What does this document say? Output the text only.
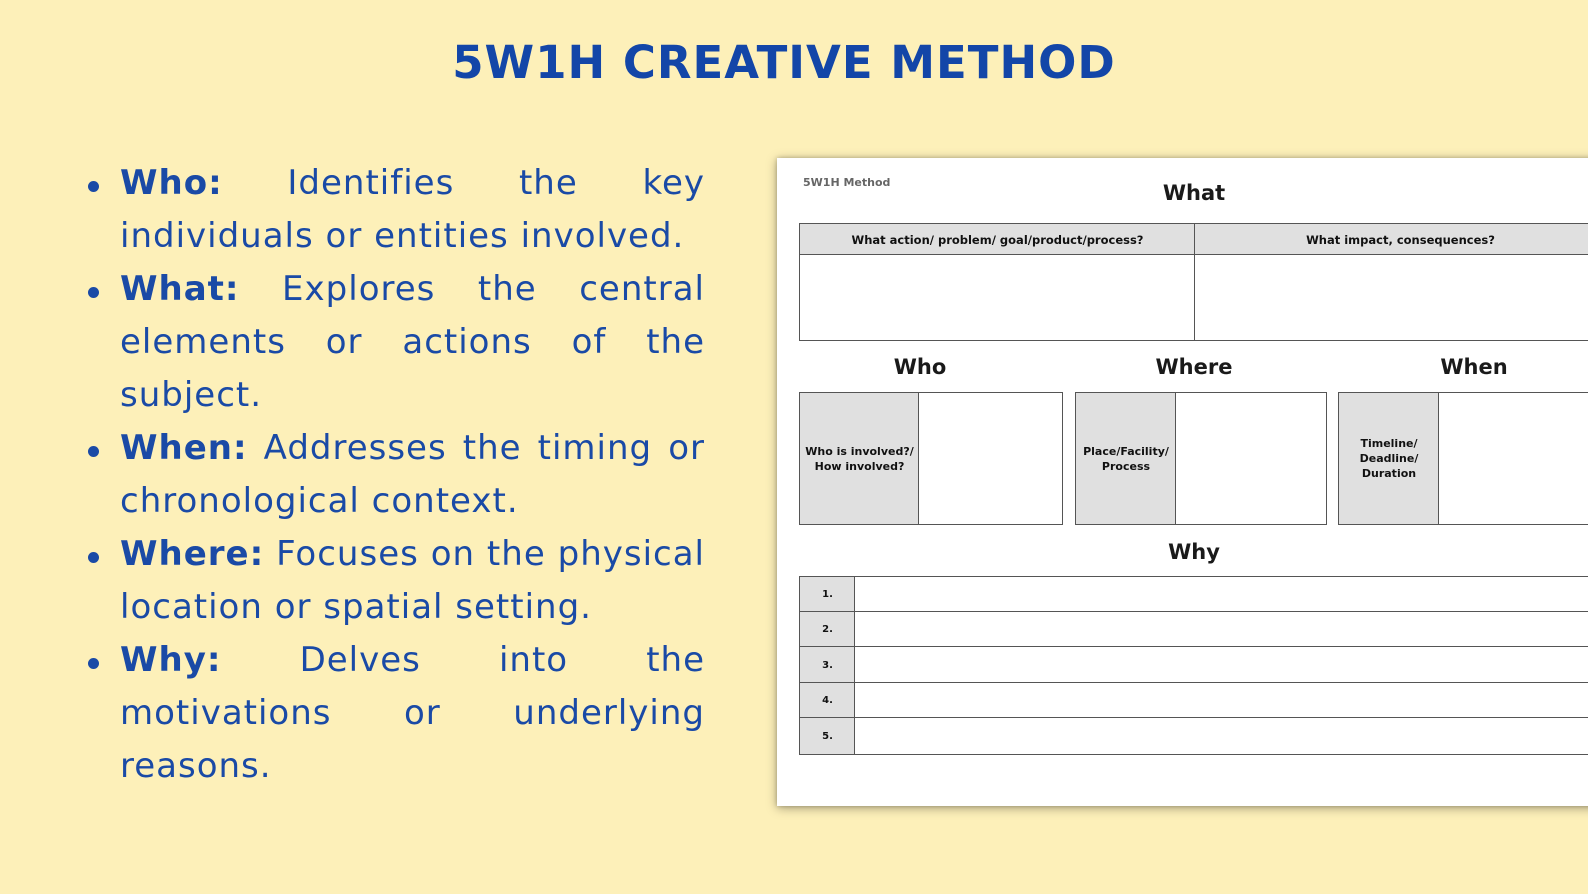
5W1H CREATIVE METHOD
Who: Identifies the key individuals or entities involved.
What: Explores the central elements or actions of the subject.
When: Addresses the timing or chronological context.
Where: Focuses on the physical location or spatial setting.
Why: Delves into the motivations or underlying reasons.
5W1H Method	What
What action/ problem/ goal/product/process?	What impact, consequences?
Who	Where	When
Who is involved?/
How involved?
Place/Facility/
Process
Timeline/
Deadline/
Duration
Why
1.
2.
3.
4.
5.
